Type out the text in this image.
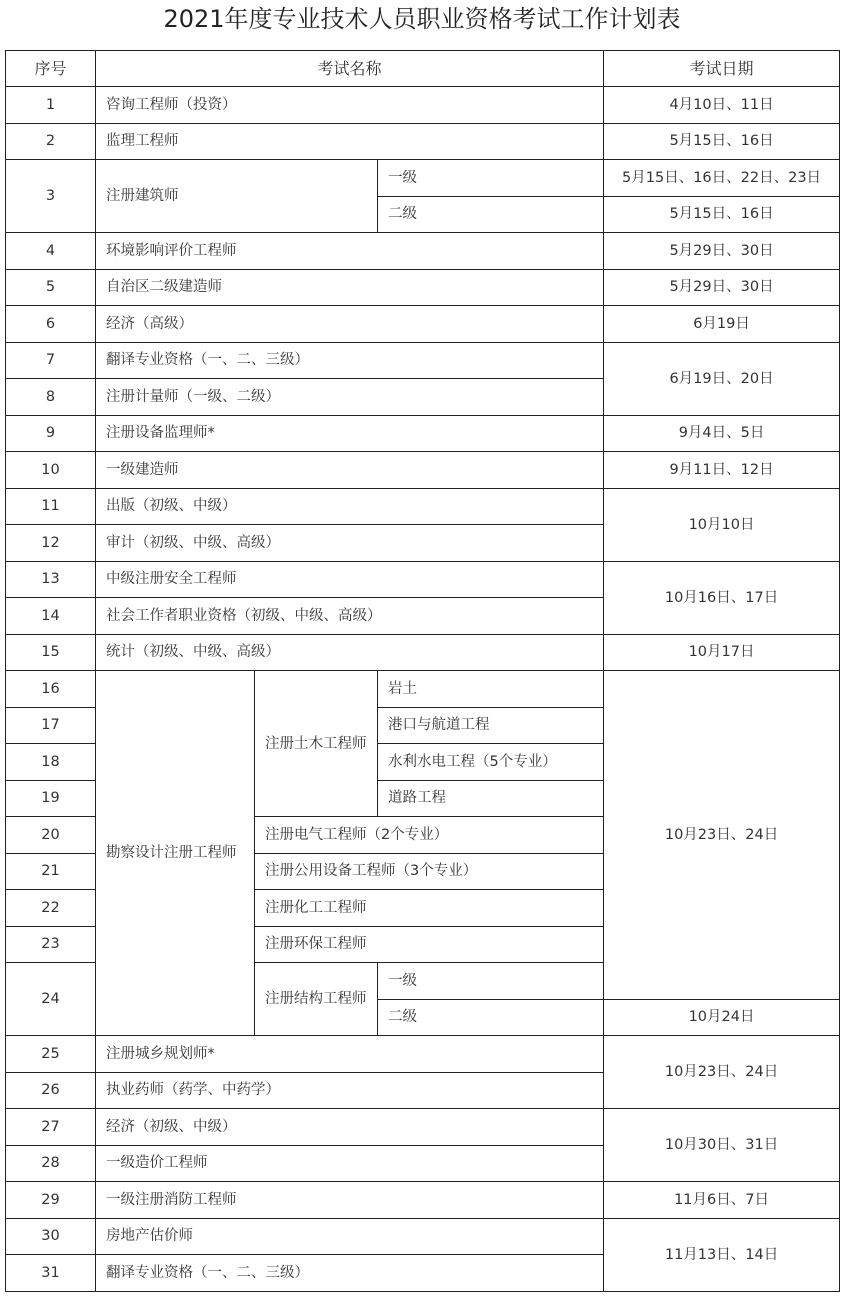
2021年度专业技术人员职业资格考试工作计划表
序号	考试名称			考试日期
1	咨询工程师（投资）			4月10日、11日
2	监理工程师			5月15日、16日
3	注册建筑师		一级	5月15日、16日、22日、23日
			二级	5月15日、16日
4	环境影响评价工程师			5月29日、30日
5	自治区二级建造师			5月29日、30日
6	经济（高级）			6月19日
7	翻译专业资格（一、二、三级）			6月19日、20日
8	注册计量师（一级、二级）			
9	注册设备监理师*			9月4日、5日
10	一级建造师			9月11日、12日
11	出版（初级、中级）			10月10日
12	审计（初级、中级、高级）			
13	中级注册安全工程师			10月16日、17日
14	社会工作者职业资格（初级、中级、高级）			
15	统计（初级、中级、高级）			10月17日
16	勘察设计注册工程师	注册土木工程师	岩土	10月23日、24日
17			港口与航道工程	
18			水利水电工程（5个专业）	
19			道路工程	
20		注册电气工程师（2个专业）		
21		注册公用设备工程师（3个专业）		
22		注册化工工程师		
23		注册环保工程师		
24		注册结构工程师	一级	
			二级	10月24日
25	注册城乡规划师*			10月23日、24日
26	执业药师（药学、中药学）			
27	经济（初级、中级）			10月30日、31日
28	一级造价工程师			
29	一级注册消防工程师			11月6日、7日
30	房地产估价师			11月13日、14日
31	翻译专业资格（一、二、三级）			
